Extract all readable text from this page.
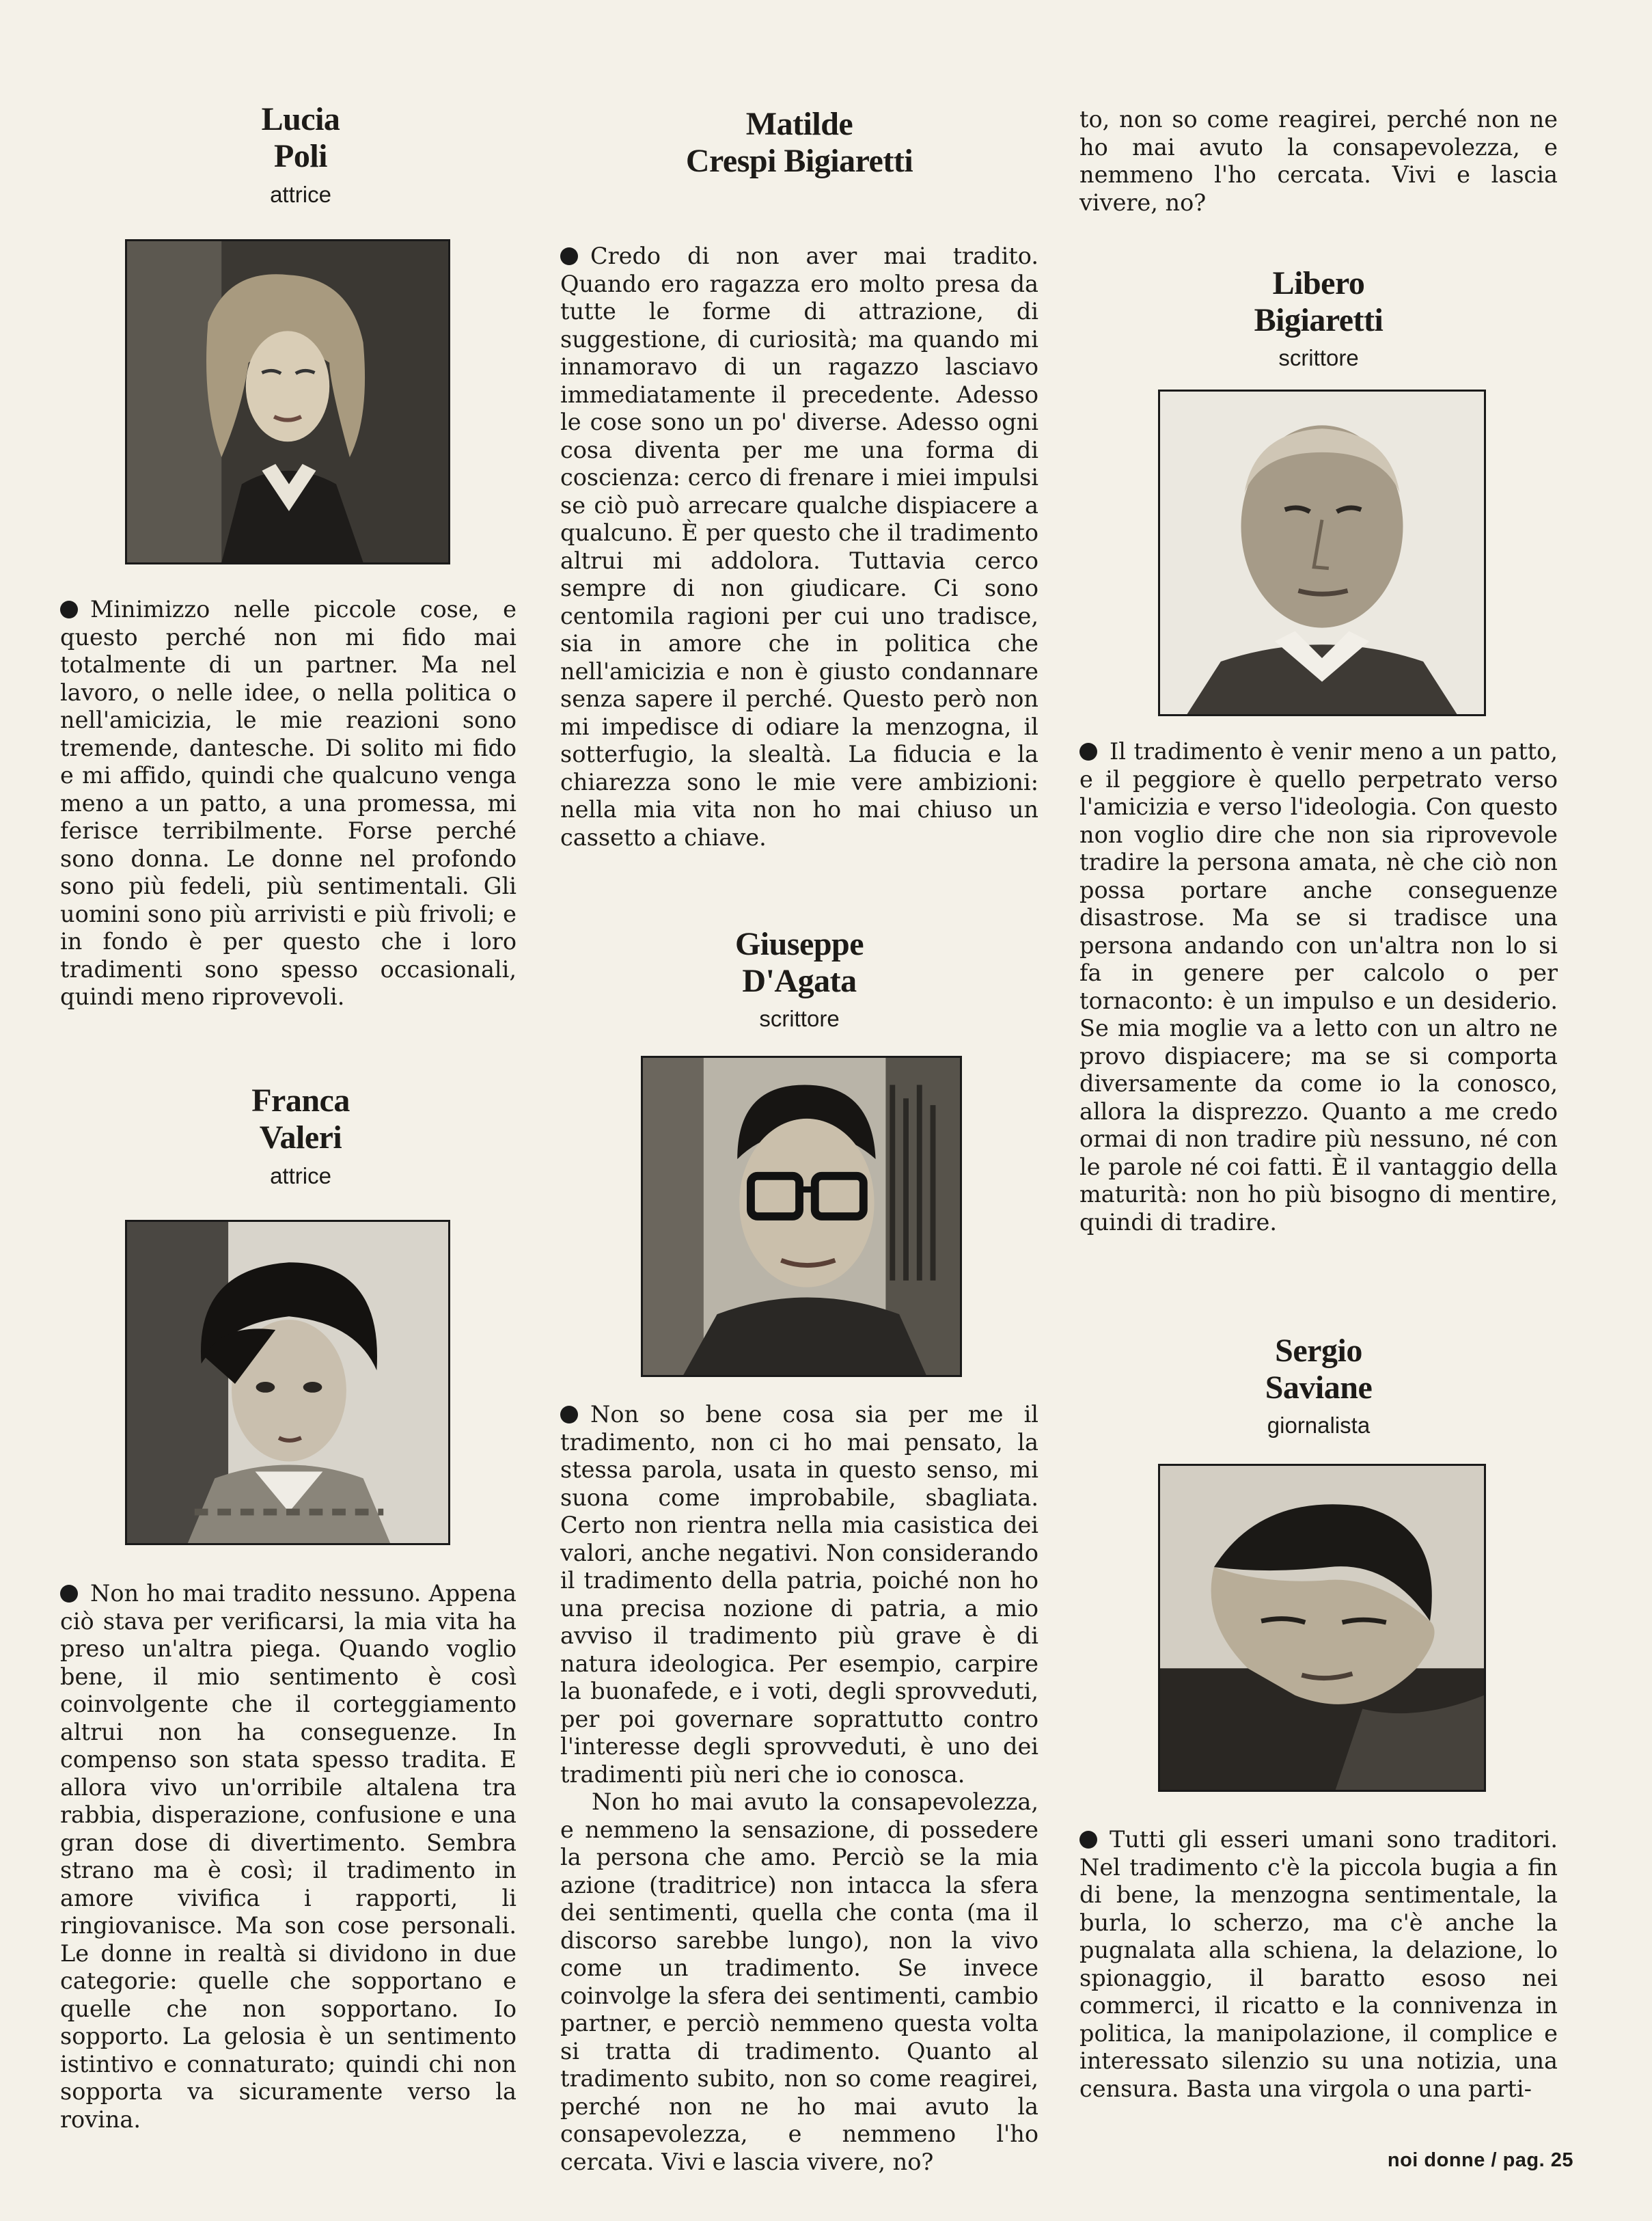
Lucia
Poli
attrice

Minimizzo nelle piccole cose, e questo perché non mi fido mai totalmente di un partner. Ma nel lavoro, o nelle idee, o nella politica o nell'amicizia, le mie reazioni sono tremende, dantesche. Di solito mi fido e mi affido, quindi che qualcuno venga meno a un patto, a una promessa, mi ferisce terribilmente. Forse perché sono donna. Le donne nel profondo sono più fedeli, più sentimentali. Gli uomini sono più arrivisti e più frivoli; e in fondo è per questo che i loro tradimenti sono spesso occasionali, quindi meno riprovevoli.

Franca
Valeri
attrice

Non ho mai tradito nessuno. Appena ciò stava per verificarsi, la mia vita ha preso un'altra piega. Quando voglio bene, il mio sentimento è così coinvolgente che il corteggiamento altrui non ha conseguenze. In compenso son stata spesso tradita. E allora vivo un'orribile altalena tra rabbia, disperazione, confusione e una gran dose di divertimento. Sembra strano ma è così; il tradimento in amore vivifica i rapporti, li ringiovanisce. Ma son cose personali. Le donne in realtà si dividono in due categorie: quelle che sopportano e quelle che non sopportano. Io sopporto. La gelosia è un sentimento istintivo e connaturato; quindi chi non sopporta va sicuramente verso la rovina.

Matilde
Crespi Bigiaretti

Credo di non aver mai tradito. Quando ero ragazza ero molto presa da tutte le forme di attrazione, di suggestione, di curiosità; ma quando mi innamoravo di un ragazzo lasciavo immediatamente il precedente. Adesso le cose sono un po' diverse. Adesso ogni cosa diventa per me una forma di coscienza: cerco di frenare i miei impulsi se ciò può arrecare qualche dispiacere a qualcuno. È per questo che il tradimento altrui mi addolora. Tuttavia cerco sempre di non giudicare. Ci sono centomila ragioni per cui uno tradisce, sia in amore che in politica che nell'amicizia e non è giusto condannare senza sapere il perché. Questo però non mi impedisce di odiare la menzogna, il sotterfugio, la slealtà. La fiducia e la chiarezza sono le mie vere ambizioni: nella mia vita non ho mai chiuso un cassetto a chiave.

Giuseppe
D'Agata
scrittore

Non so bene cosa sia per me il tradimento, non ci ho mai pensato, la stessa parola, usata in questo senso, mi suona come improbabile, sbagliata. Certo non rientra nella mia casistica dei valori, anche negativi. Non considerando il tradimento della patria, poiché non ho una precisa nozione di patria, a mio avviso il tradimento più grave è di natura ideologica. Per esempio, carpire la buonafede, e i voti, degli sprovveduti, per poi governare soprattutto contro l'interesse degli sprovveduti, è uno dei tradimenti più neri che io conosca.

Non ho mai avuto la consapevolezza, e nemmeno la sensazione, di possedere la persona che amo. Perciò se la mia azione (traditrice) non intacca la sfera dei sentimenti, quella che conta (ma il discorso sarebbe lungo), non la vivo come un tradimento. Se invece coinvolge la sfera dei sentimenti, cambio partner, e perciò nemmeno questa volta si tratta di tradimento. Quanto al tradimento subito, non so come reagirei, perché non ne ho mai avuto la consapevolezza, e nemmeno l'ho cercata. Vivi e lascia vivere, no?

to, non so come reagirei, perché non ne ho mai avuto la consapevolezza, e nemmeno l'ho cercata. Vivi e lascia vivere, no?

Libero
Bigiaretti
scrittore

Il tradimento è venir meno a un patto, e il peggiore è quello perpetrato verso l'amicizia e verso l'ideologia. Con questo non voglio dire che non sia riprovevole tradire la persona amata, nè che ciò non possa portare anche conseguenze disastrose. Ma se si tradisce una persona andando con un'altra non lo si fa in genere per calcolo o per tornaconto: è un impulso e un desiderio. Se mia moglie va a letto con un altro ne provo dispiacere; ma se si comporta diversamente da come io la conosco, allora la disprezzo. Quanto a me credo ormai di non tradire più nessuno, né con le parole né coi fatti. È il vantaggio della maturità: non ho più bisogno di mentire, quindi di tradire.

Sergio
Saviane
giornalista

Tutti gli esseri umani sono traditori. Nel tradimento c'è la piccola bugia a fin di bene, la menzogna sentimentale, la burla, lo scherzo, ma c'è anche la pugnalata alla schiena, la delazione, lo spionaggio, il baratto esoso nei commerci, il ricatto e la connivenza in politica, la manipolazione, il complice e interessato silenzio su una notizia, una censura. Basta una virgola o una parti-

noi donne / pag. 25
